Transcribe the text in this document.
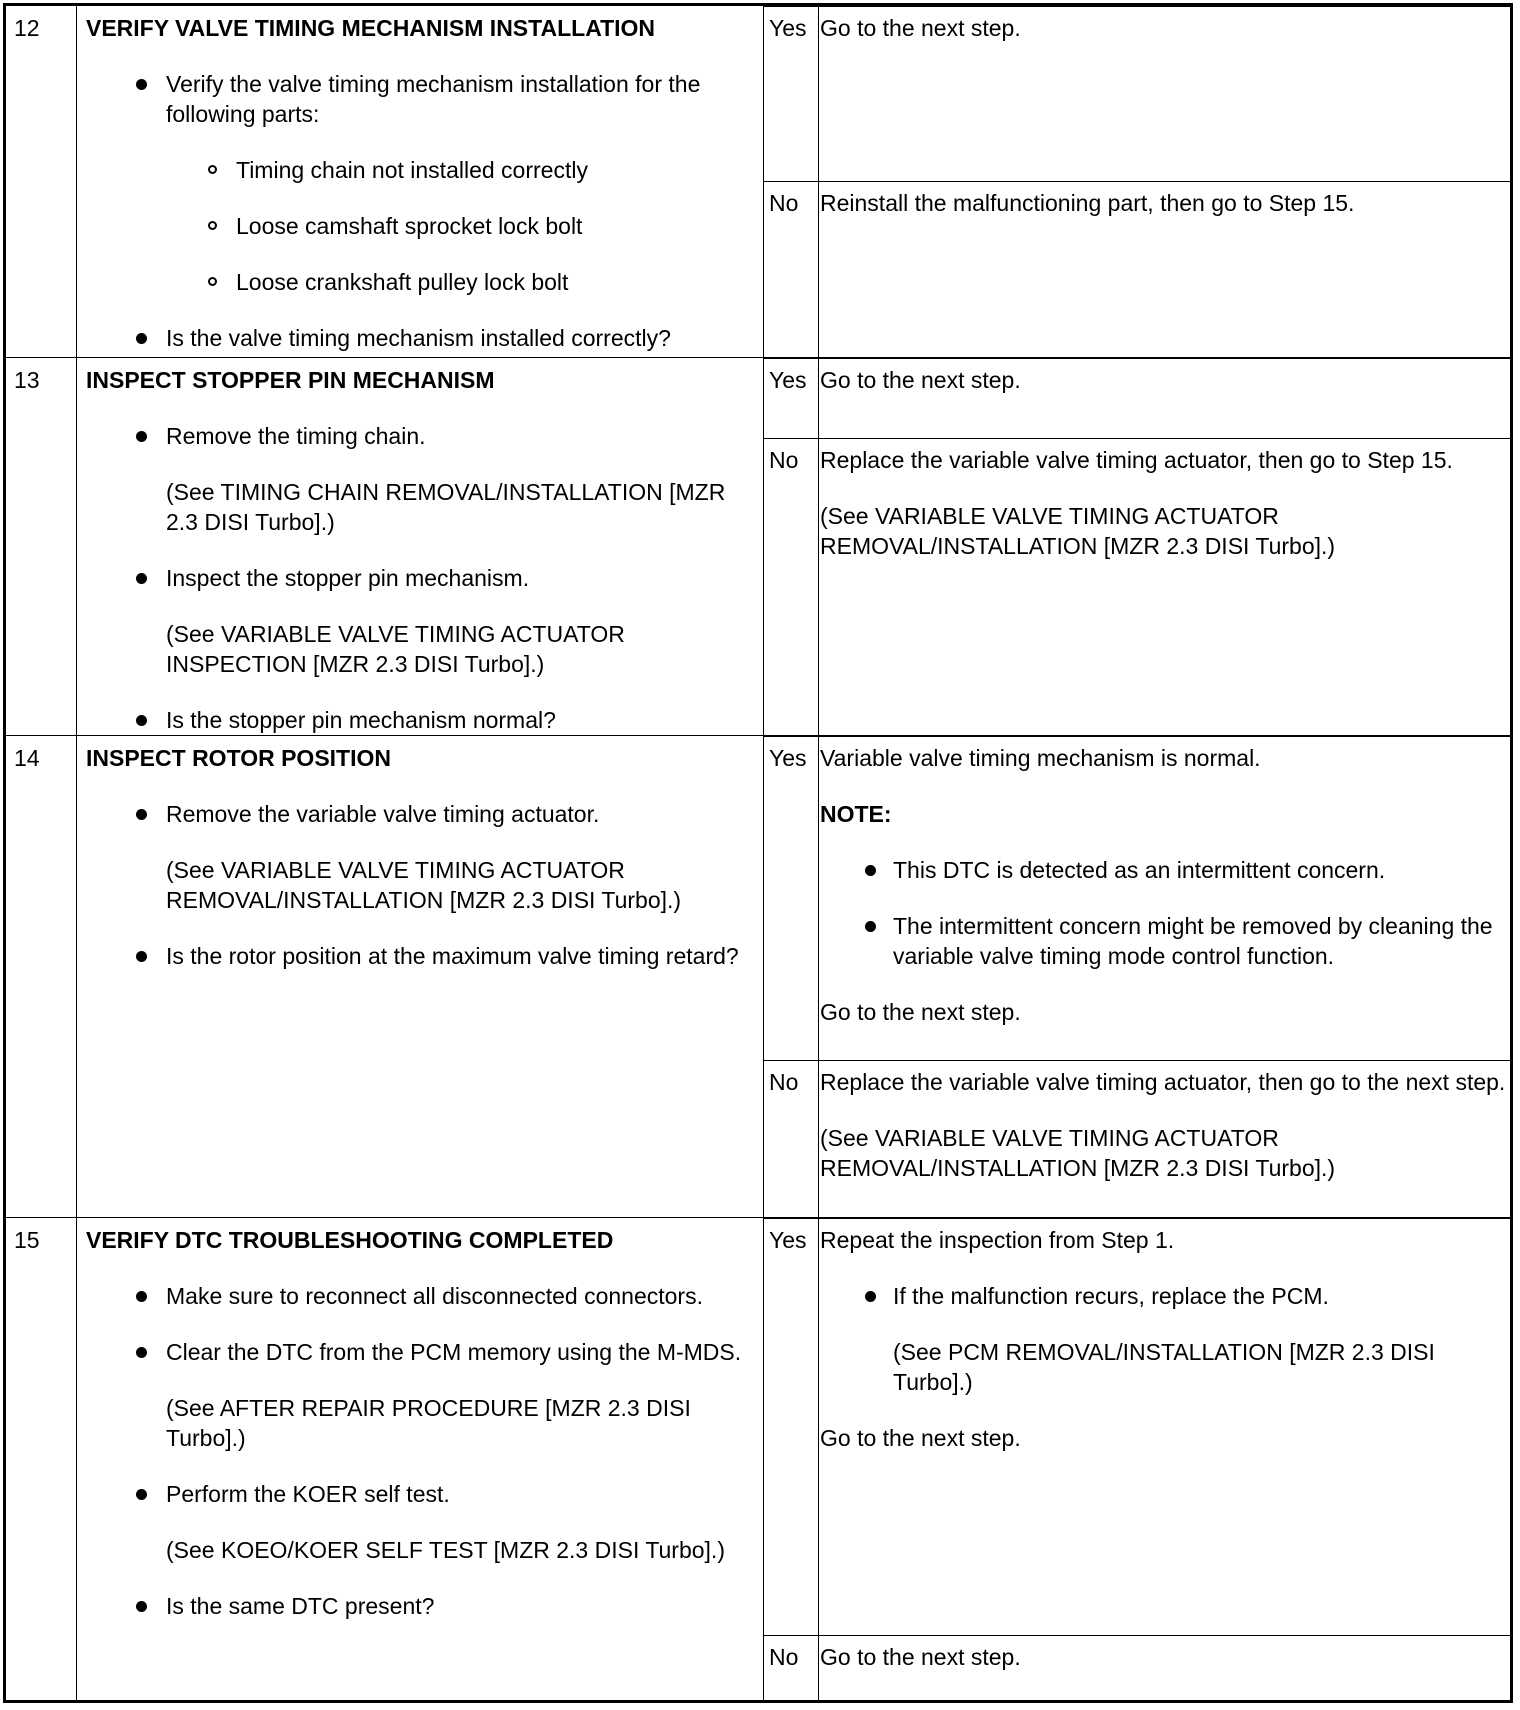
12 VERIFY VALVE TIMING MECHANISM INSTALLATION

Verify the valve timing mechanism installation for the following parts:

Timing chain not installed correctly

Loose camshaft sprocket lock bolt

Loose crankshaft pulley lock bolt

Is the valve timing mechanism installed correctly?

Yes Go to the next step.

No Reinstall the malfunctioning part, then go to Step 15.

13 INSPECT STOPPER PIN MECHANISM

Remove the timing chain.

(See TIMING CHAIN REMOVAL/INSTALLATION [MZR 2.3 DISI Turbo].)

Inspect the stopper pin mechanism.

(See VARIABLE VALVE TIMING ACTUATOR INSPECTION [MZR 2.3 DISI Turbo].)

Is the stopper pin mechanism normal?

Yes Go to the next step.

No Replace the variable valve timing actuator, then go to Step 15.

(See VARIABLE VALVE TIMING ACTUATOR REMOVAL/INSTALLATION [MZR 2.3 DISI Turbo].)

14 INSPECT ROTOR POSITION

Remove the variable valve timing actuator.

(See VARIABLE VALVE TIMING ACTUATOR REMOVAL/INSTALLATION [MZR 2.3 DISI Turbo].)

Is the rotor position at the maximum valve timing retard?

Yes Variable valve timing mechanism is normal.

NOTE:

This DTC is detected as an intermittent concern.

The intermittent concern might be removed by cleaning the variable valve timing mode control function.

Go to the next step.

No Replace the variable valve timing actuator, then go to the next step.

(See VARIABLE VALVE TIMING ACTUATOR REMOVAL/INSTALLATION [MZR 2.3 DISI Turbo].)

15 VERIFY DTC TROUBLESHOOTING COMPLETED

Make sure to reconnect all disconnected connectors.

Clear the DTC from the PCM memory using the M-MDS.

(See AFTER REPAIR PROCEDURE [MZR 2.3 DISI Turbo].)

Perform the KOER self test.

(See KOEO/KOER SELF TEST [MZR 2.3 DISI Turbo].)

Is the same DTC present?

Yes Repeat the inspection from Step 1.

If the malfunction recurs, replace the PCM.

(See PCM REMOVAL/INSTALLATION [MZR 2.3 DISI Turbo].)

Go to the next step.

No Go to the next step.
